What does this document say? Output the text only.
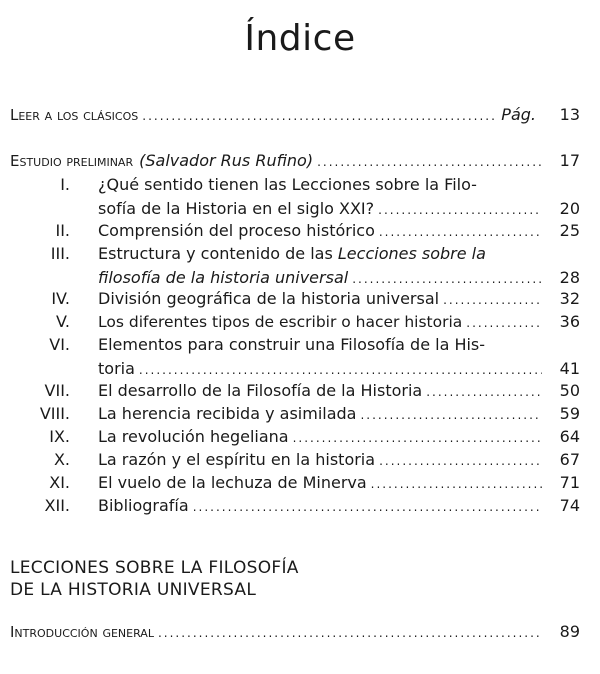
Índice
Leer a los clásicos .....	Pág.	13
Estudio preliminar (Salvador Rus Rufino) .....	17
I. ¿Qué sentido tienen las Lecciones sobre la Filo-
sofía de la Historia en el siglo XXI? .....	20
II. Comprensión del proceso histórico .....	25
III. Estructura y contenido de las Lecciones sobre la
filosofía de la historia universal .....	28
IV. División geográfica de la historia universal .....	32
V. Los diferentes tipos de escribir o hacer historia .....	36
VI. Elementos para construir una Filosofía de la His-
toria .....	41
VII. El desarrollo de la Filosofía de la Historia .....	50
VIII. La herencia recibida y asimilada .....	59
IX. La revolución hegeliana .....	64
X. La razón y el espíritu en la historia .....	67
XI. El vuelo de la lechuza de Minerva .....	71
XII. Bibliografía .....	74
LECCIONES SOBRE LA FILOSOFÍA
DE LA HISTORIA UNIVERSAL
Introducción general .....	89
